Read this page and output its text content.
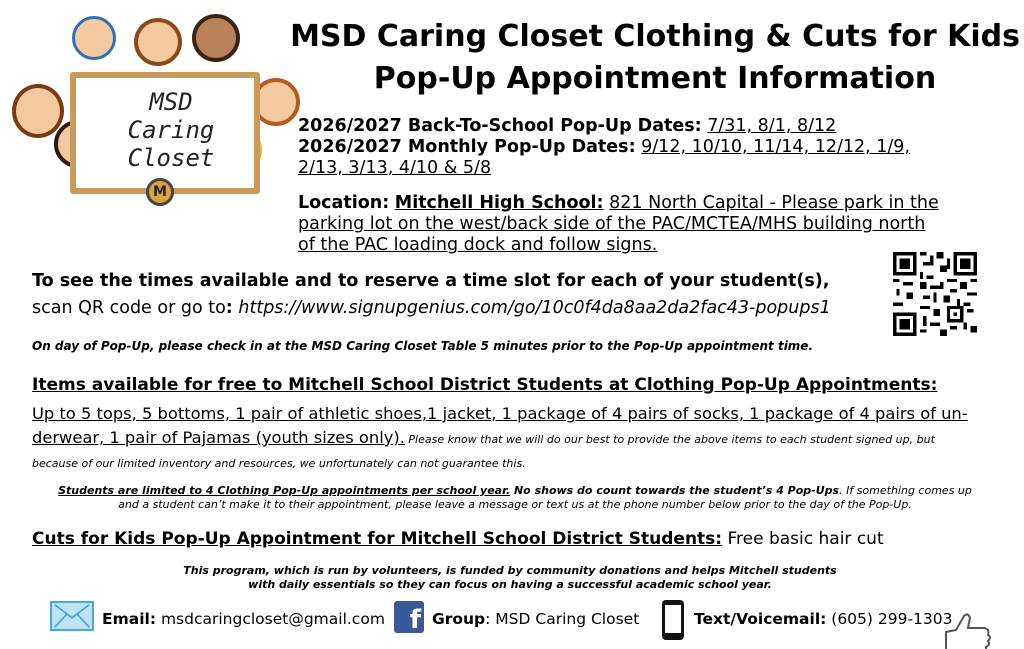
MSD
Caring
Closet
M
MSD Caring Closet Clothing & Cuts for Kids
Pop-Up Appointment Information
2026/2027 Back-To-School Pop-Up Dates: 7/31, 8/1, 8/12
2026/2027 Monthly Pop-Up Dates: 9/12, 10/10, 11/14, 12/12, 1/9,
2/13, 3/13, 4/10 & 5/8
Location: Mitchell High School: 821 North Capital - Please park in the
parking lot on the west/back side of the PAC/MCTEA/MHS building north
of the PAC loading dock and follow signs.
To see the times available and to reserve a time slot for each of your student(s),
scan QR code or go to: https://www.signupgenius.com/go/10c0f4da8aa2da2fac43-popups1
On day of Pop-Up, please check in at the MSD Caring Closet Table 5 minutes prior to the Pop-Up appointment time.
Items available for free to Mitchell School District Students at Clothing Pop-Up Appointments:
Up to 5 tops, 5 bottoms, 1 pair of athletic shoes,1 jacket, 1 package of 4 pairs of socks, 1 package of 4 pairs of un-
derwear, 1 pair of Pajamas (youth sizes only). Please know that we will do our best to provide the above items to each student signed up, but
because of our limited inventory and resources, we unfortunately can not guarantee this.
Students are limited to 4 Clothing Pop-Up appointments per school year. No shows do count towards the student’s 4 Pop-Ups. If something comes up
and a student can’t make it to their appointment, please leave a message or text us at the phone number below prior to the day of the Pop-Up.
Cuts for Kids Pop-Up Appointment for Mitchell School District Students: Free basic hair cut
This program, which is run by volunteers, is funded by community donations and helps Mitchell students
with daily essentials so they can focus on having a successful academic school year.
Email: msdcaringcloset@gmail.com f Group: MSD Caring Closet	Text/Voicemail: (605) 299-1303
